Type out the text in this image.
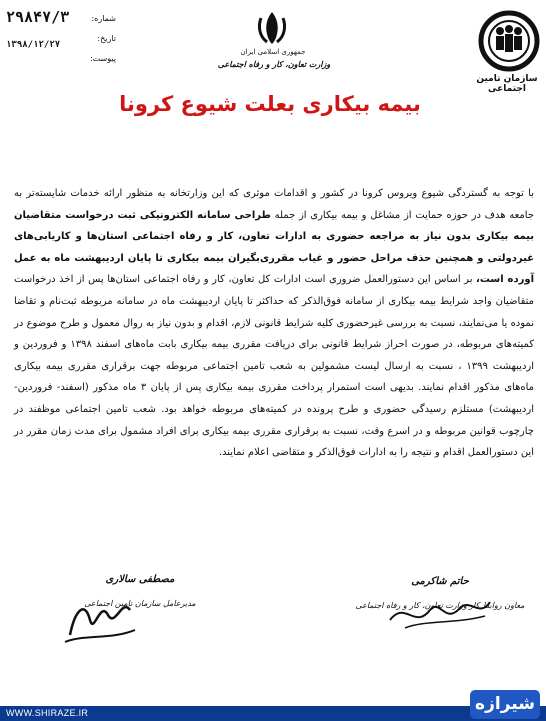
سازمان تامین اجتماعی
جمهوری اسلامی ایران
وزارت تعاون، کار و رفاه اجتماعی
۲۹۸۴۷/۳	شماره:
۱۳۹۸/۱۲/۲۷
تاریخ:
پیوست:
بیمه بیکاری بعلت شیوع کرونا
با توجه به گستردگی شیوع ویروس کرونا در کشور و اقدامات موثری که این وزارتخانه به منظور ارائه خدمات شایسته‌تر به جامعه هدف در حوزه حمایت از مشاغل و بیمه بیکاری از جمله طراحی سامانه الکترونیکی ثبت درخواست متقاضیان بیمه بیکاری بدون نیاز به مراجعه حضوری به ادارات تعاون، کار و رفاه اجتماعی استان‌ها و کاریابی‌های غیردولتی و همچنین حذف مراحل حضور و غیاب مقرری‌بگیران بیمه بیکاری تا پایان اردیبهشت ماه به عمل آورده است، بر اساس این دستورالعمل ضروری است ادارات کل تعاون، کار و رفاه اجتماعی استان‌ها پس از اخذ درخواست متقاضیان واجد شرایط بیمه بیکاری از سامانه فوق‌الذکر که حداکثر تا پایان اردیبهشت ماه در سامانه مربوطه ثبت‌نام و تقاضا نموده یا می‌نمایند، نسبت به بررسی غیرحضوری کلیه شرایط قانونی لازم، اقدام و بدون نیاز به روال معمول و طرح موضوع در کمیته‌های مربوطه، در صورت احراز شرایط قانونی برای دریافت مقرری بیمه بیکاری بابت ماه‌های اسفند ۱۳۹۸ و فروردین و اردیبهشت ۱۳۹۹ ، نسبت به ارسال لیست مشمولین به شعب تامین اجتماعی مربوطه جهت برقراری مقرری بیمه بیکاری ماه‌های مذکور اقدام نمایند. بدیهی است استمرار پرداخت مقرری بیمه بیکاری پس از پایان ۳ ماه مذکور (اسفند- فروردین- اردیبهشت) مستلزم رسیدگی حضوری و طرح پرونده در کمیته‌های مربوطه خواهد بود. شعب تامین اجتماعی موظفند در چارچوب قوانین مربوطه و در اسرع وقت، نسبت به برقراری مقرری بیمه بیکاری برای افراد مشمول برای مدت زمان مقرر در این دستورالعمل اقدام و نتیجه را به ادارات فوق‌الذکر و متقاضی اعلام نمایند.
حاتم شاکرمی
معاون روابط کار وزارت تعاون، کار و رفاه اجتماعی
مصطفی سالاری
مدیرعامل سازمان تامین اجتماعی
WWW.SHIRAZE.IR	شیرازه
